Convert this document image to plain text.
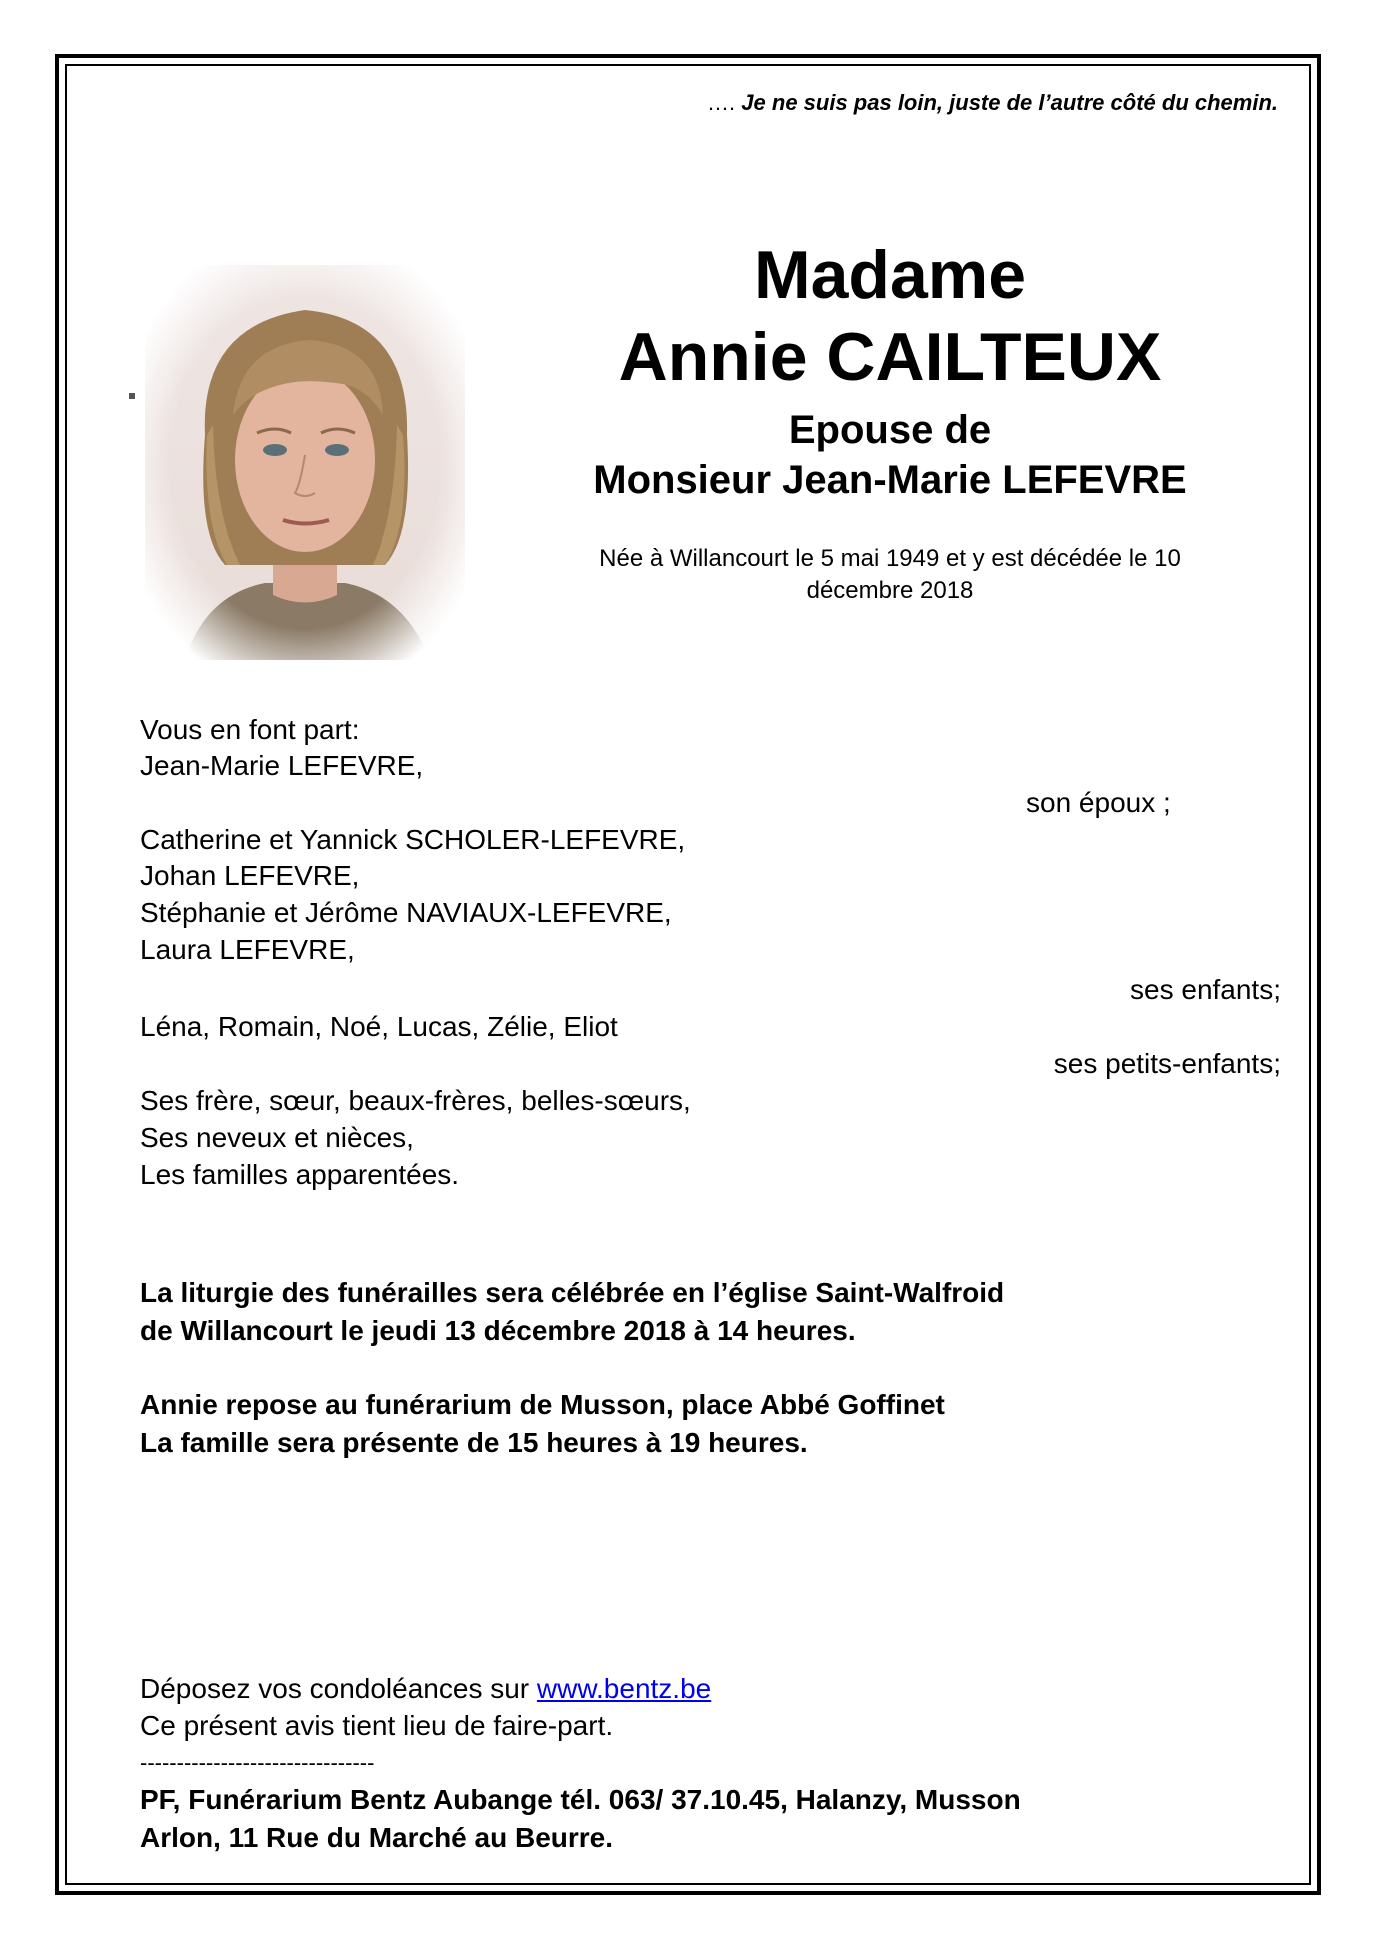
…. Je ne suis pas loin, juste de l’autre côté du chemin.
Madame
Annie CAILTEUX
Epouse de
Monsieur Jean-Marie LEFEVRE
Née à Willancourt le 5 mai 1949 et y est décédée le 10 décembre 2018
Vous en font part:
Jean-Marie LEFEVRE,
son époux ;
Catherine et Yannick SCHOLER-LEFEVRE,
Johan LEFEVRE,
Stéphanie et Jérôme NAVIAUX-LEFEVRE,
Laura LEFEVRE,
ses enfants;
Léna, Romain, Noé, Lucas, Zélie, Eliot
ses petits-enfants;
Ses frère, sœur, beaux-frères, belles-sœurs,
Ses neveux et nièces,
Les familles apparentées.
La liturgie des funérailles sera célébrée en l’église Saint-Walfroid
de Willancourt le jeudi 13 décembre 2018 à 14 heures.
Annie repose au funérarium de Musson, place Abbé Goffinet
La famille sera présente de 15 heures à 19 heures.
Déposez vos condoléances sur www.bentz.be
Ce présent avis tient lieu de faire-part.
--------------------------------
PF, Funérarium Bentz Aubange tél. 063/ 37.10.45, Halanzy, Musson
Arlon, 11 Rue du Marché au Beurre.
